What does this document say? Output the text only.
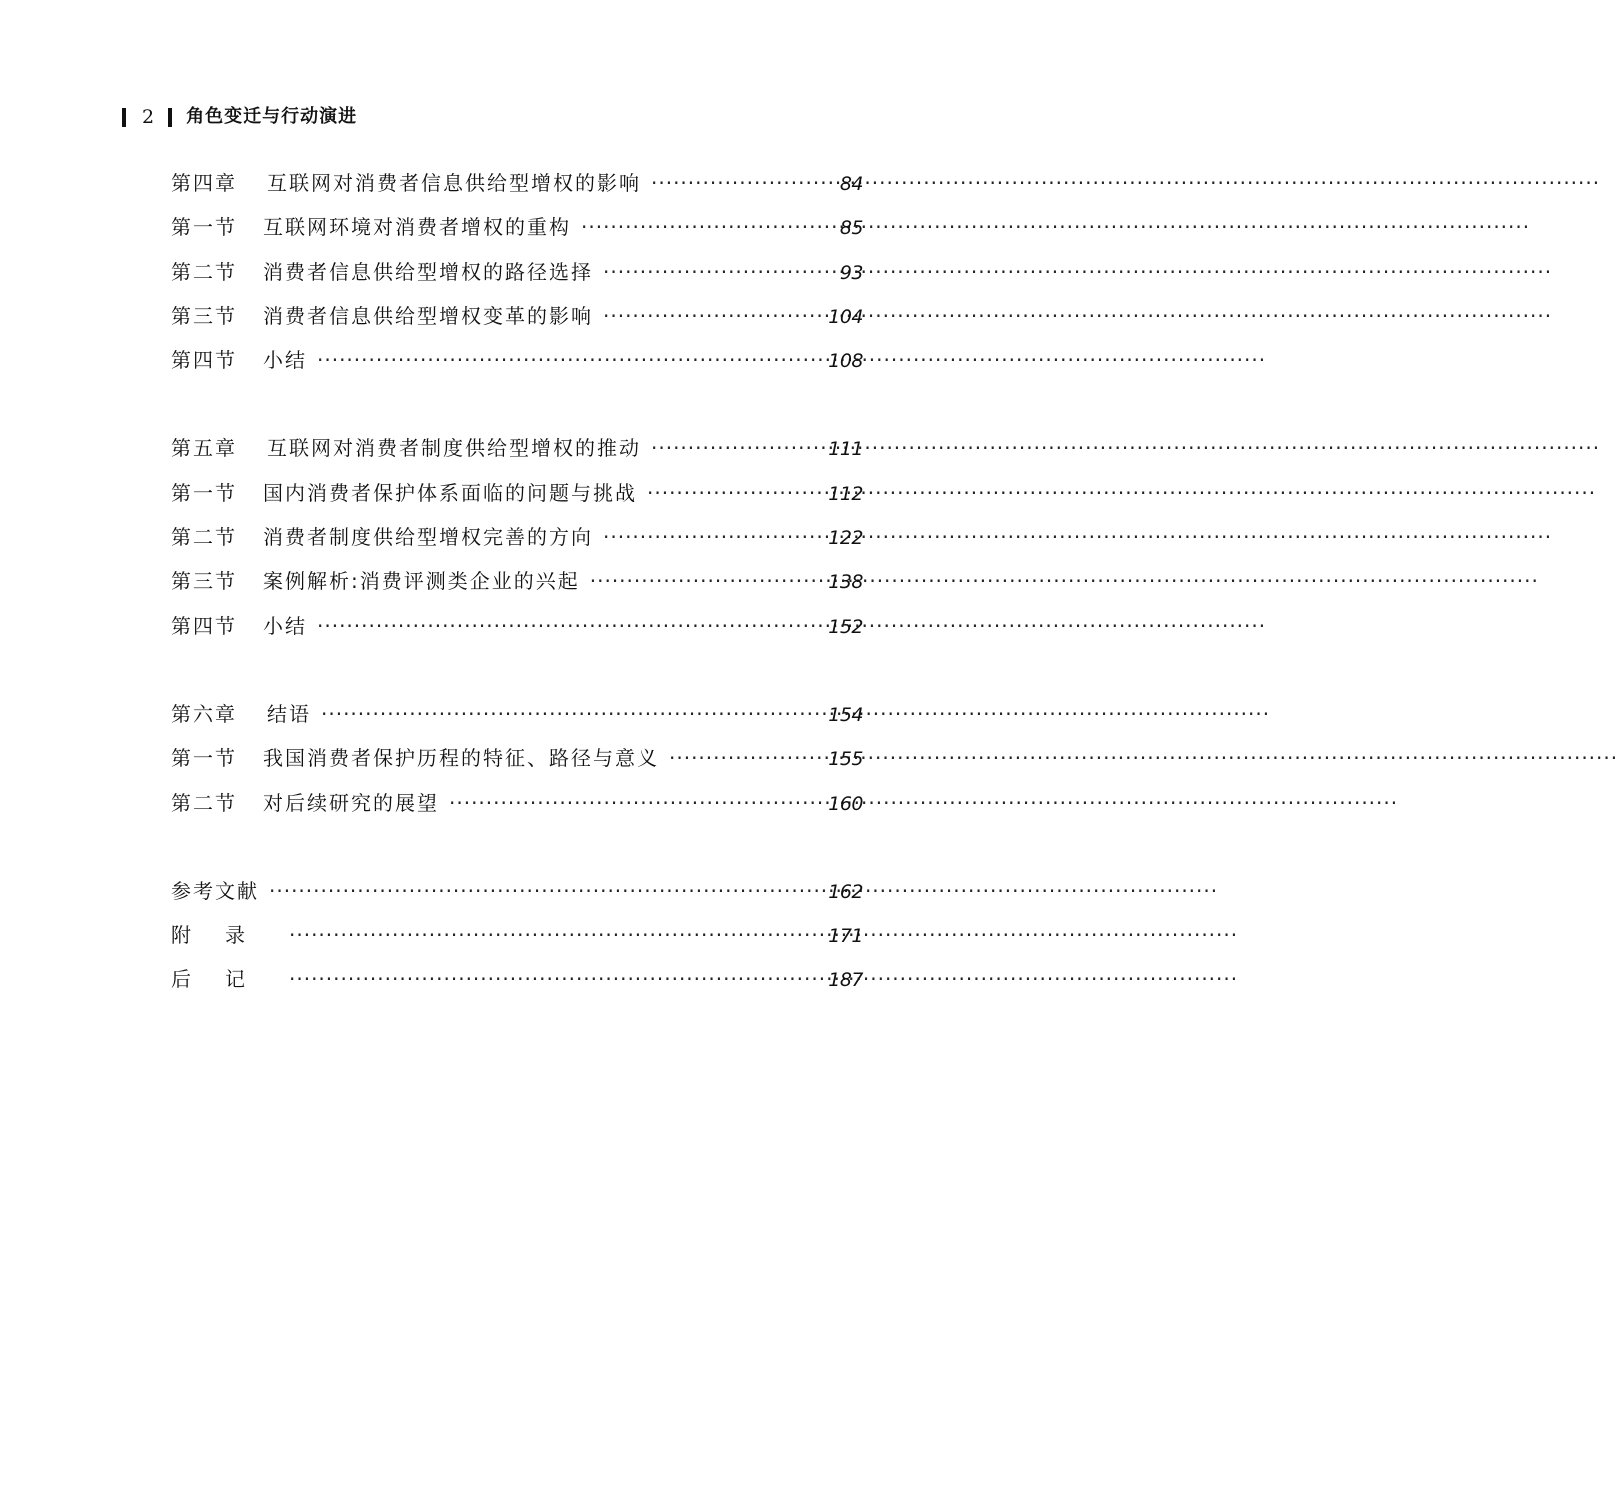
2 角色变迁与行动演进
第四章	互联网对消费者信息供给型增权的影响 ·····	84
第一节	互联网环境对消费者增权的重构 ·····	85
第二节	消费者信息供给型增权的路径选择 ·····	93
第三节	消费者信息供给型增权变革的影响 ·····	104
第四节	小结 ·····	108
第五章	互联网对消费者制度供给型增权的推动 ·····	111
第一节	国内消费者保护体系面临的问题与挑战 ·····	112
第二节	消费者制度供给型增权完善的方向 ·····	122
第三节	案例解析:消费评测类企业的兴起 ·····	138
第四节	小结 ·····	152
第六章	结语 ·····	154
第一节	我国消费者保护历程的特征、路径与意义 ·····	155
第二节	对后续研究的展望 ·····	160
参考文献 ·····	162
附录 ·····	171
后记 ·····	187
